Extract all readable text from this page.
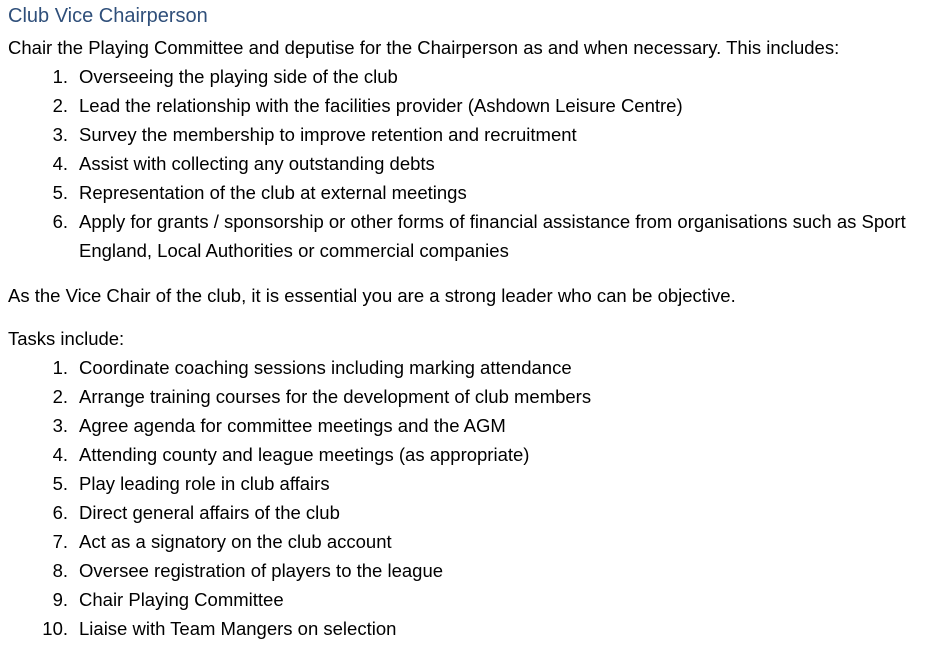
Club Vice Chairperson

Chair the Playing Committee and deputise for the Chairperson as and when necessary. This includes:

1. Overseeing the playing side of the club
2. Lead the relationship with the facilities provider (Ashdown Leisure Centre)
3. Survey the membership to improve retention and recruitment
4. Assist with collecting any outstanding debts
5. Representation of the club at external meetings
6. Apply for grants / sponsorship or other forms of financial assistance from organisations such as Sport England, Local Authorities or commercial companies

As the Vice Chair of the club, it is essential you are a strong leader who can be objective.

Tasks include:

1. Coordinate coaching sessions including marking attendance
2. Arrange training courses for the development of club members
3. Agree agenda for committee meetings and the AGM
4. Attending county and league meetings (as appropriate)
5. Play leading role in club affairs
6. Direct general affairs of the club
7. Act as a signatory on the club account
8. Oversee registration of players to the league
9. Chair Playing Committee
10. Liaise with Team Mangers on selection
